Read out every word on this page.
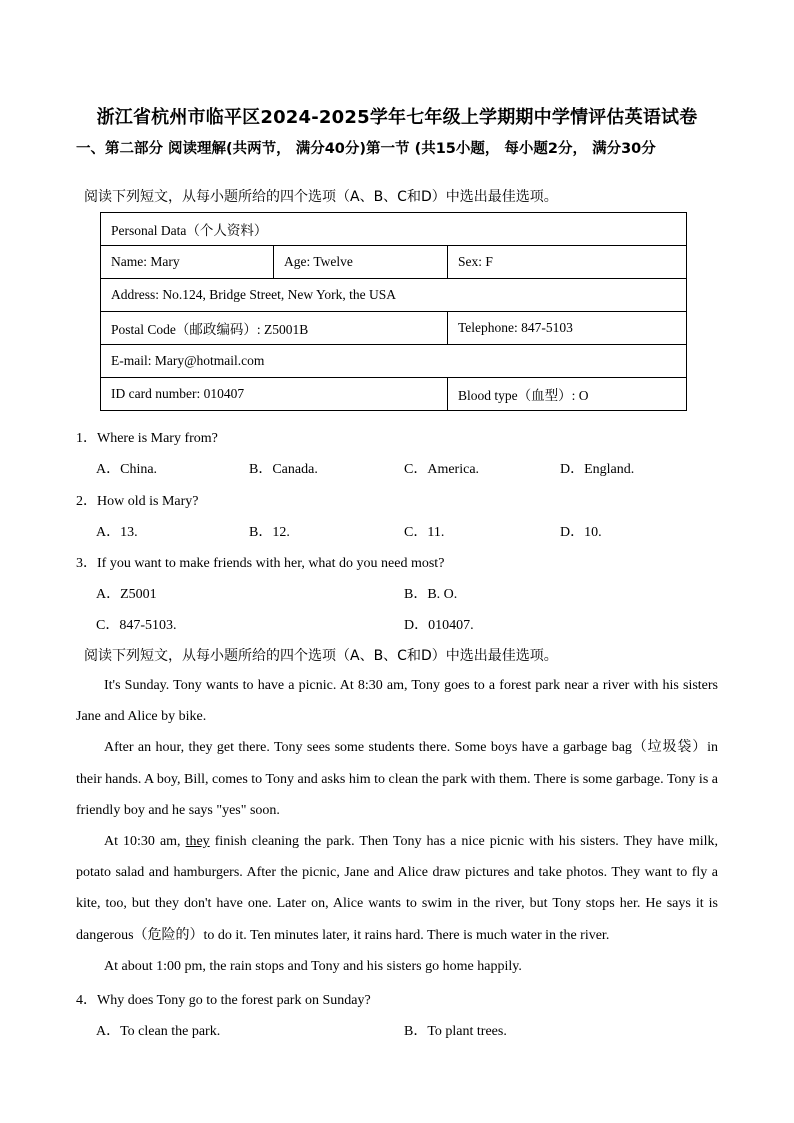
浙江省杭州市临平区2024-2025学年七年级上学期期中学情评估英语试卷
一、第二部分 阅读理解(共两节， 满分40分)第一节 (共15小题， 每小题2分， 满分30分
阅读下列短文，从每小题所给的四个选项（A、B、C和D）中选出最佳选项。
Personal Data（个人资料）		
Name: Mary	Age: Twelve	Sex: F
Address: No.124, Bridge Street, New York, the USA		
Postal Code（邮政编码）: Z5001B		Telephone: 847-5103
E-mail: Mary@hotmail.com		
ID card number: 010407		Blood type（血型）: O
1．Where is Mary from?
A．China.	B．Canada.	C．America.	D．England.
2．How old is Mary?
A．13.	B．12.	C．11.	D．10.
3．If you want to make friends with her, what do you need most?
A．Z5001	B．B. O.
C．847-5103.	D．010407.
阅读下列短文，从每小题所给的四个选项（A、B、C和D）中选出最佳选项。

It's Sunday. Tony wants to have a picnic. At 8:30 am, Tony goes to a forest park near a river with his sisters Jane and Alice by bike.

After an hour, they get there. Tony sees some students there. Some boys have a garbage bag（垃圾袋）in their hands. A boy, Bill, comes to Tony and asks him to clean the park with them. There is some garbage. Tony is a friendly boy and he says "yes" soon.

At 10:30 am, they finish cleaning the park. Then Tony has a nice picnic with his sisters. They have milk, potato salad and hamburgers. After the picnic, Jane and Alice draw pictures and take photos. They want to fly a kite, too, but they don't have one. Later on, Alice wants to swim in the river, but Tony stops her. He says it is dangerous（危险的）to do it. Ten minutes later, it rains hard. There is much water in the river.

At about 1:00 pm, the rain stops and Tony and his sisters go home happily.

4．Why does Tony go to the forest park on Sunday?
A．To clean the park.	B．To plant trees.
